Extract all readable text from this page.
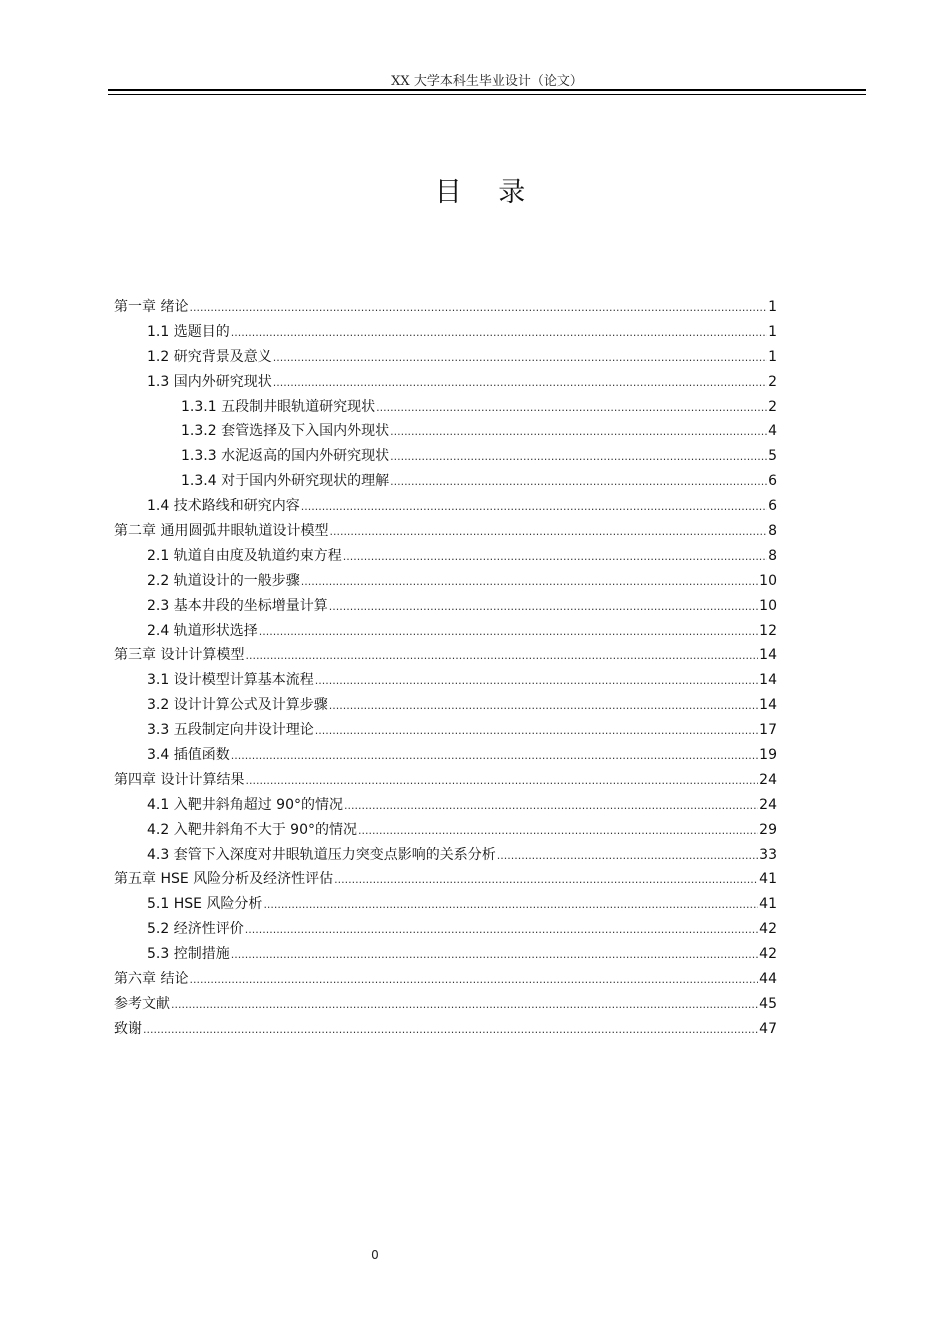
XX 大学本科生毕业设计（论文）
目 录
第一章 绪论 .....	1
1.1 选题目的 .....	1
1.2 研究背景及意义 .....	1
1.3 国内外研究现状 .....	2
1.3.1 五段制井眼轨道研究现状 .....	2
1.3.2 套管选择及下入国内外现状 .....	4
1.3.3 水泥返高的国内外研究现状 .....	5
1.3.4 对于国内外研究现状的理解 .....	6
1.4 技术路线和研究内容 .....	6
第二章 通用圆弧井眼轨道设计模型 .....	8
2.1 轨道自由度及轨道约束方程 .....	8
2.2 轨道设计的一般步骤 .....	10
2.3 基本井段的坐标增量计算 .....	10
2.4 轨道形状选择 .....	12
第三章 设计计算模型 .....	14
3.1 设计模型计算基本流程 .....	14
3.2 设计计算公式及计算步骤 .....	14
3.3 五段制定向井设计理论 .....	17
3.4 插值函数 .....	19
第四章 设计计算结果 .....	24
4.1 入靶井斜角超过 90°的情况 .....	24
4.2 入靶井斜角不大于 90°的情况 .....	29
4.3 套管下入深度对井眼轨道压力突变点影响的关系分析 .....	33
第五章 HSE 风险分析及经济性评估 .....	41
5.1 HSE 风险分析 .....	41
5.2 经济性评价 .....	42
5.3 控制措施 .....	42
第六章 结论 .....	44
参考文献 .....	45
致谢 .....	47
0
